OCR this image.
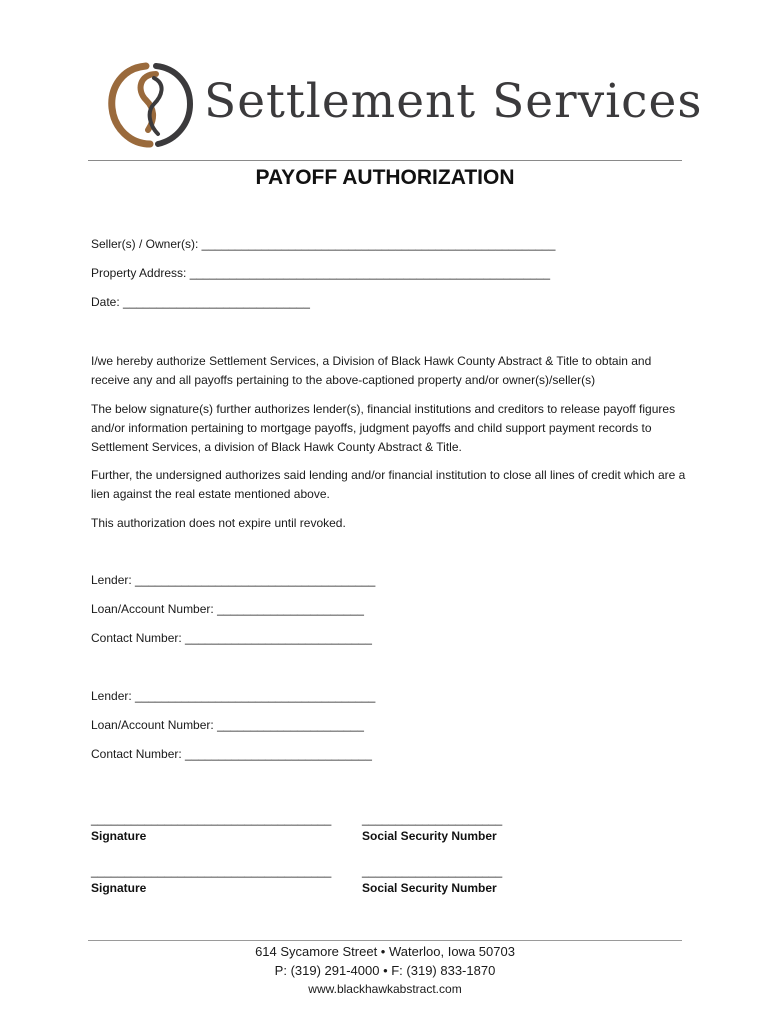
Settlement Services
PAYOFF AUTHORIZATION
Seller(s) / Owner(s): _____________________________________________________
Property Address: ______________________________________________________
Date: ____________________________
I/we hereby authorize Settlement Services, a Division of Black Hawk County Abstract & Title to obtain and receive any and all payoffs pertaining to the above-captioned property and/or owner(s)/seller(s)
The below signature(s) further authorizes lender(s), financial institutions and creditors to release payoff figures and/or information pertaining to mortgage payoffs, judgment payoffs and child support payment records to Settlement Services, a division of Black Hawk County Abstract & Title.
Further, the undersigned authorizes said lending and/or financial institution to close all lines of credit which are a lien against the real estate mentioned above.
This authorization does not expire until revoked.
Lender: ____________________________________
Loan/Account Number: ______________________
Contact Number: ____________________________
Lender: ____________________________________
Loan/Account Number: ______________________
Contact Number: ____________________________
____________________________________	_____________________
Signature	Social Security Number
____________________________________	_____________________
Signature	Social Security Number
614 Sycamore Street • Waterloo, Iowa 50703
P: (319) 291-4000 • F: (319) 833-1870
www.blackhawkabstract.com
